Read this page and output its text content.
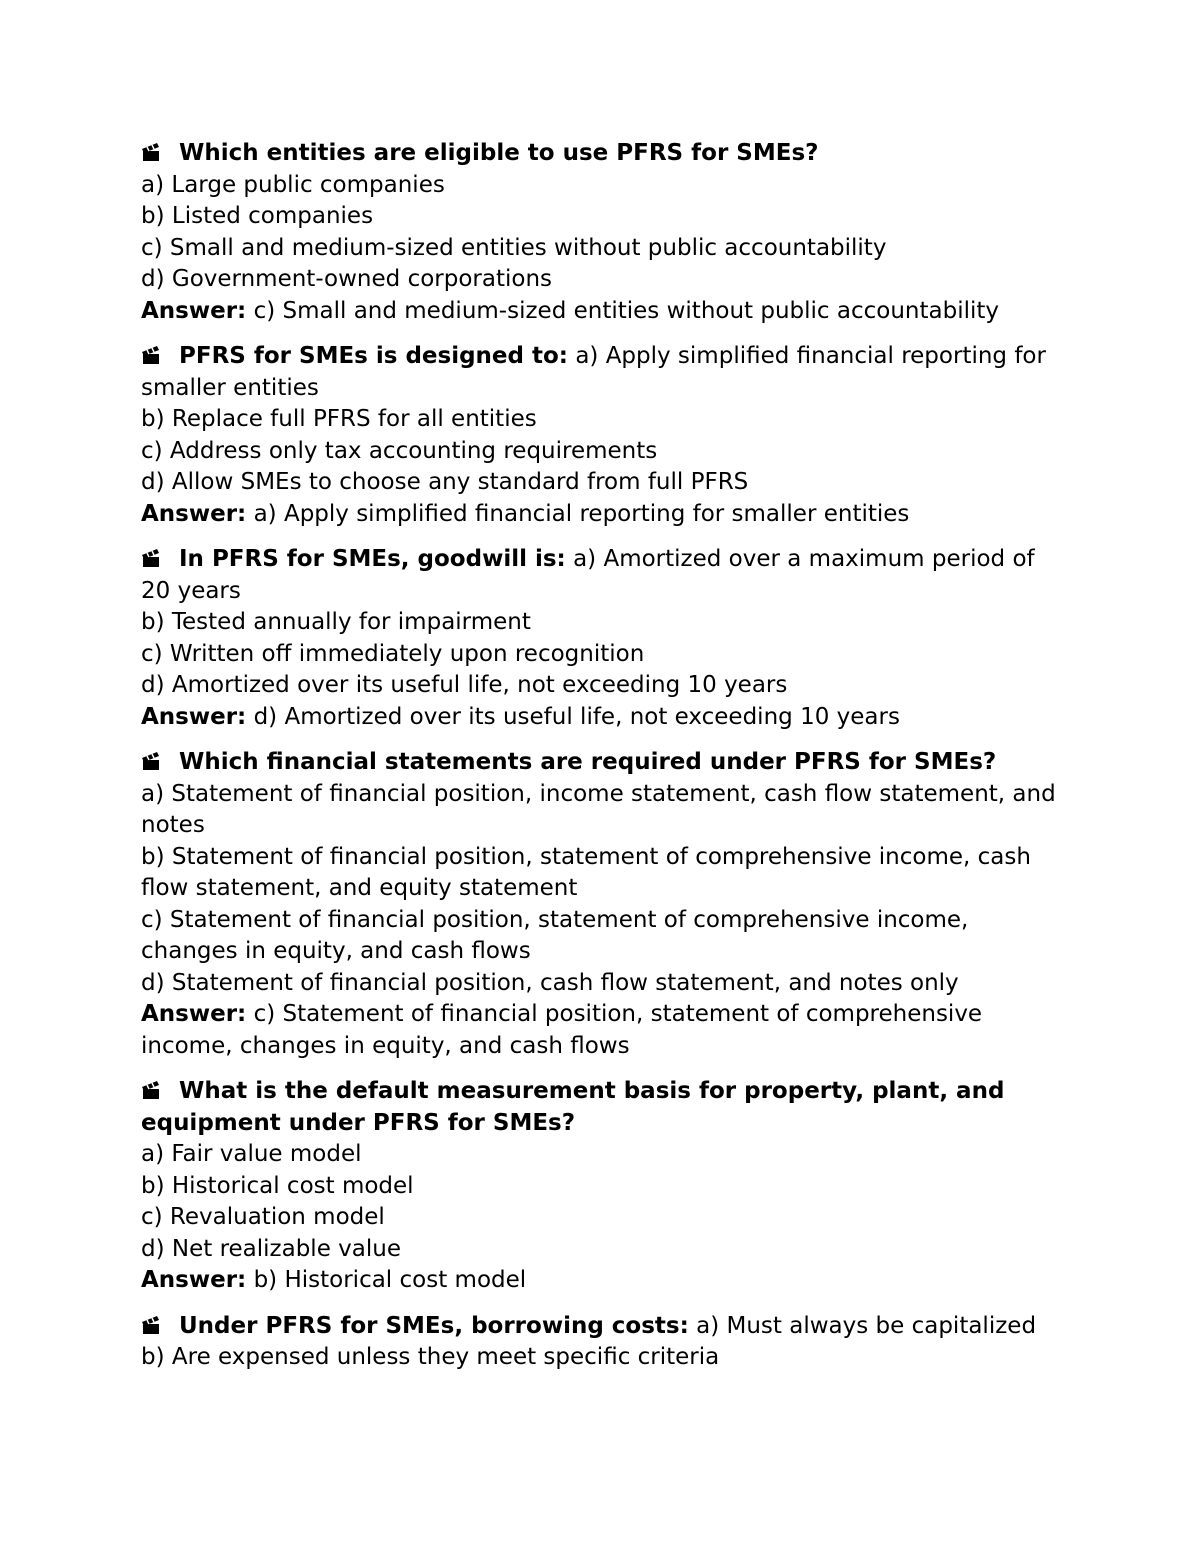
Which entities are eligible to use PFRS for SMEs?
a) Large public companies
b) Listed companies
c) Small and medium-sized entities without public accountability
d) Government-owned corporations
Answer: c) Small and medium-sized entities without public accountability
PFRS for SMEs is designed to: a) Apply simplified financial reporting for smaller entities
b) Replace full PFRS for all entities
c) Address only tax accounting requirements
d) Allow SMEs to choose any standard from full PFRS
Answer: a) Apply simplified financial reporting for smaller entities
In PFRS for SMEs, goodwill is: a) Amortized over a maximum period of 20 years
b) Tested annually for impairment
c) Written off immediately upon recognition
d) Amortized over its useful life, not exceeding 10 years
Answer: d) Amortized over its useful life, not exceeding 10 years
Which financial statements are required under PFRS for SMEs?
a) Statement of financial position, income statement, cash flow statement, and notes
b) Statement of financial position, statement of comprehensive income, cash flow statement, and equity statement
c) Statement of financial position, statement of comprehensive income, changes in equity, and cash flows
d) Statement of financial position, cash flow statement, and notes only
Answer: c) Statement of financial position, statement of comprehensive income, changes in equity, and cash flows
What is the default measurement basis for property, plant, and equipment under PFRS for SMEs?
a) Fair value model
b) Historical cost model
c) Revaluation model
d) Net realizable value
Answer: b) Historical cost model
Under PFRS for SMEs, borrowing costs: a) Must always be capitalized
b) Are expensed unless they meet specific criteria
